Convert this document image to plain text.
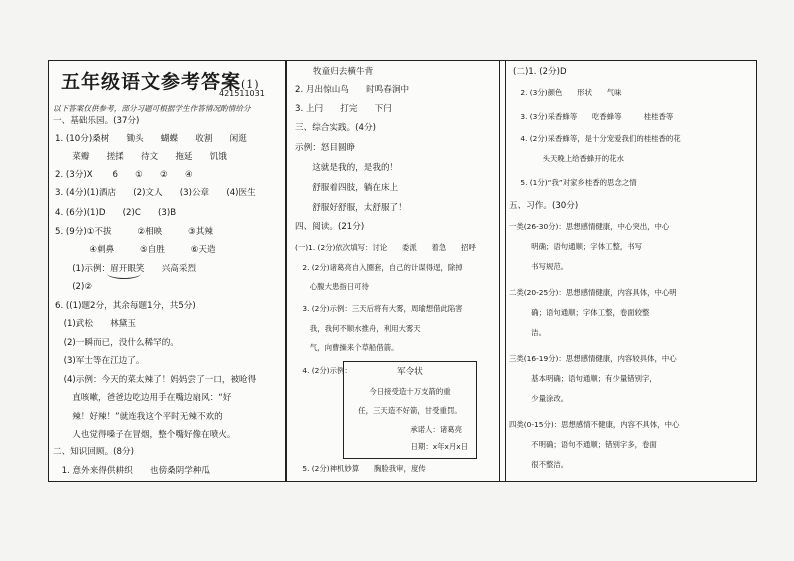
五年级语文参考答案(1)
421511031
以下答案仅供参考，部分习题可根据学生作答情况酌情给分
一、基础乐园。(37分)
1. (10分)桑树　　锄头　　蝴蝶　　收割　　闲逛
　　菜瓣　　搓揉　　待文　　拖延　　饥饿
2. (3分)X　　 6　　①　　②　　④
3. (4分)(1)酒店　　(2)文人　　(3)公章　　(4)医生
4. (6分)(1)D　　(2)C　　(3)B
5. (9分)①不拔　　　②相映　　　③其辣
　　　　④刺鼻　　　⑤自胜　　　⑥天造
　　(1)示例：眉开眼笑　　兴高采烈
　　(2)②
6. ((1)题2分，其余每题1分，共5分)
　(1)武松　　林黛玉
　(2)一瞬而已，没什么稀罕的。
　(3)军士等在江边了。
　(4)示例：今天的菜太辣了！妈妈尝了一口，被呛得
　　直咳嗽，爸爸边吃边用手在嘴边扇风：“好
　　辣！好辣！”就连我这个平时无辣不欢的
　　人也觉得嗓子在冒烟，整个嘴好像在喷火。
二、知识回顾。(8分)
　1. 意外来得供耕织　　也傍桑阴学种瓜
牧童归去横牛背
2. 月出惊山鸟　　时鸣春涧中
3. 上闩　　打完　　下闩
三、综合实践。(4分)
示例：怒目圆睁
　　这就是我的，是我的！
　　舒服着四肢，躺在床上
　　舒服好舒服，太舒服了！
四、阅读。(21分)
(一)1. (2分)依次填写：讨论　　委派　　着急　　招呼
　2. (2分)诸葛亮自入圈套，自己的计谋得逞，除掉
　　心腹大患指日可待
　3. (2分)示例：三天后将有大雾，周瑜想借此陷害
　　我，我何不顺水推舟，利用大雾天
　　气，向曹操来个草船借箭。
　4. (2分)示例：	军令状
今日接受造十万支箭的重
任，三天造不好箭，甘受重罚。
承诺人：诸葛亮
日期：x年x月x日
　5. (2分)神机妙算　　胸脸我审，度传
(二)1. (2分)D
　2. (3分)颜色　　形状　　气味
　3. (3分)采香蜂等　　吃香蜂等　　　桂桂香等
　4. (2分)采香蜂等，是十分宠爱我们的桂桂香的花
　　　　头天晚上给香蜂开的花水
　5. (1分)“我”对家乡桂香的思念之情
五、习作。(30分)
一类(26-30分)：思想感情健康，中心突出，中心
　　　明确；语句通顺；字体工整，书写
　　　书写规范。
二类(20-25分)：思想感情健康，内容具体，中心明
　　　确；语句通顺；字体工整，卷面较整
　　　洁。
三类(16-19分)：思想感情健康，内容较具体，中心
　　　基本明确；语句通顺；有少量错别字，
　　　少量涂改。
四类(0-15分)：思想感情不健康，内容不具体，中心
　　　不明确；语句不通顺；错别字多，卷面
　　　很不整洁。
